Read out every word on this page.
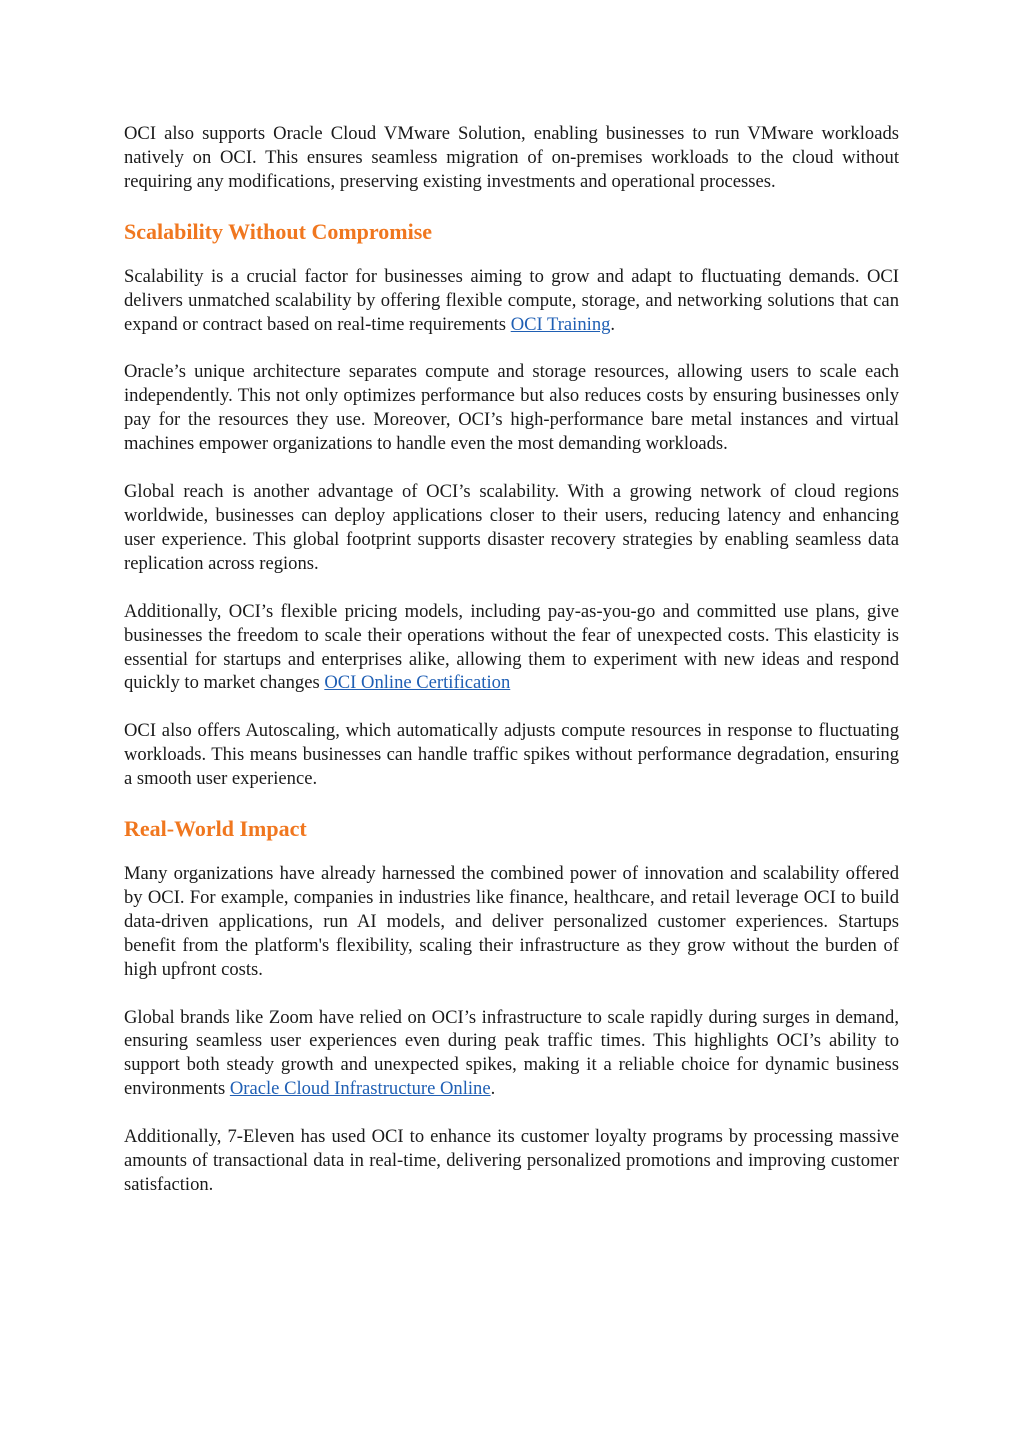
OCI also supports Oracle Cloud VMware Solution, enabling businesses to run VMware workloads natively on OCI. This ensures seamless migration of on-premises workloads to the cloud without requiring any modifications, preserving existing investments and operational processes.

Scalability Without Compromise

Scalability is a crucial factor for businesses aiming to grow and adapt to fluctuating demands. OCI delivers unmatched scalability by offering flexible compute, storage, and networking solutions that can expand or contract based on real-time requirements OCI Training.

Oracle’s unique architecture separates compute and storage resources, allowing users to scale each independently. This not only optimizes performance but also reduces costs by ensuring businesses only pay for the resources they use. Moreover, OCI’s high-performance bare metal instances and virtual machines empower organizations to handle even the most demanding workloads.

Global reach is another advantage of OCI’s scalability. With a growing network of cloud regions worldwide, businesses can deploy applications closer to their users, reducing latency and enhancing user experience. This global footprint supports disaster recovery strategies by enabling seamless data replication across regions.

Additionally, OCI’s flexible pricing models, including pay-as-you-go and committed use plans, give businesses the freedom to scale their operations without the fear of unexpected costs. This elasticity is essential for startups and enterprises alike, allowing them to experiment with new ideas and respond quickly to market changes OCI Online Certification

OCI also offers Autoscaling, which automatically adjusts compute resources in response to fluctuating workloads. This means businesses can handle traffic spikes without performance degradation, ensuring a smooth user experience.

Real-World Impact

Many organizations have already harnessed the combined power of innovation and scalability offered by OCI. For example, companies in industries like finance, healthcare, and retail leverage OCI to build data-driven applications, run AI models, and deliver personalized customer experiences. Startups benefit from the platform's flexibility, scaling their infrastructure as they grow without the burden of high upfront costs.

Global brands like Zoom have relied on OCI’s infrastructure to scale rapidly during surges in demand, ensuring seamless user experiences even during peak traffic times. This highlights OCI’s ability to support both steady growth and unexpected spikes, making it a reliable choice for dynamic business environments Oracle Cloud Infrastructure Online.

Additionally, 7-Eleven has used OCI to enhance its customer loyalty programs by processing massive amounts of transactional data in real-time, delivering personalized promotions and improving customer satisfaction.
